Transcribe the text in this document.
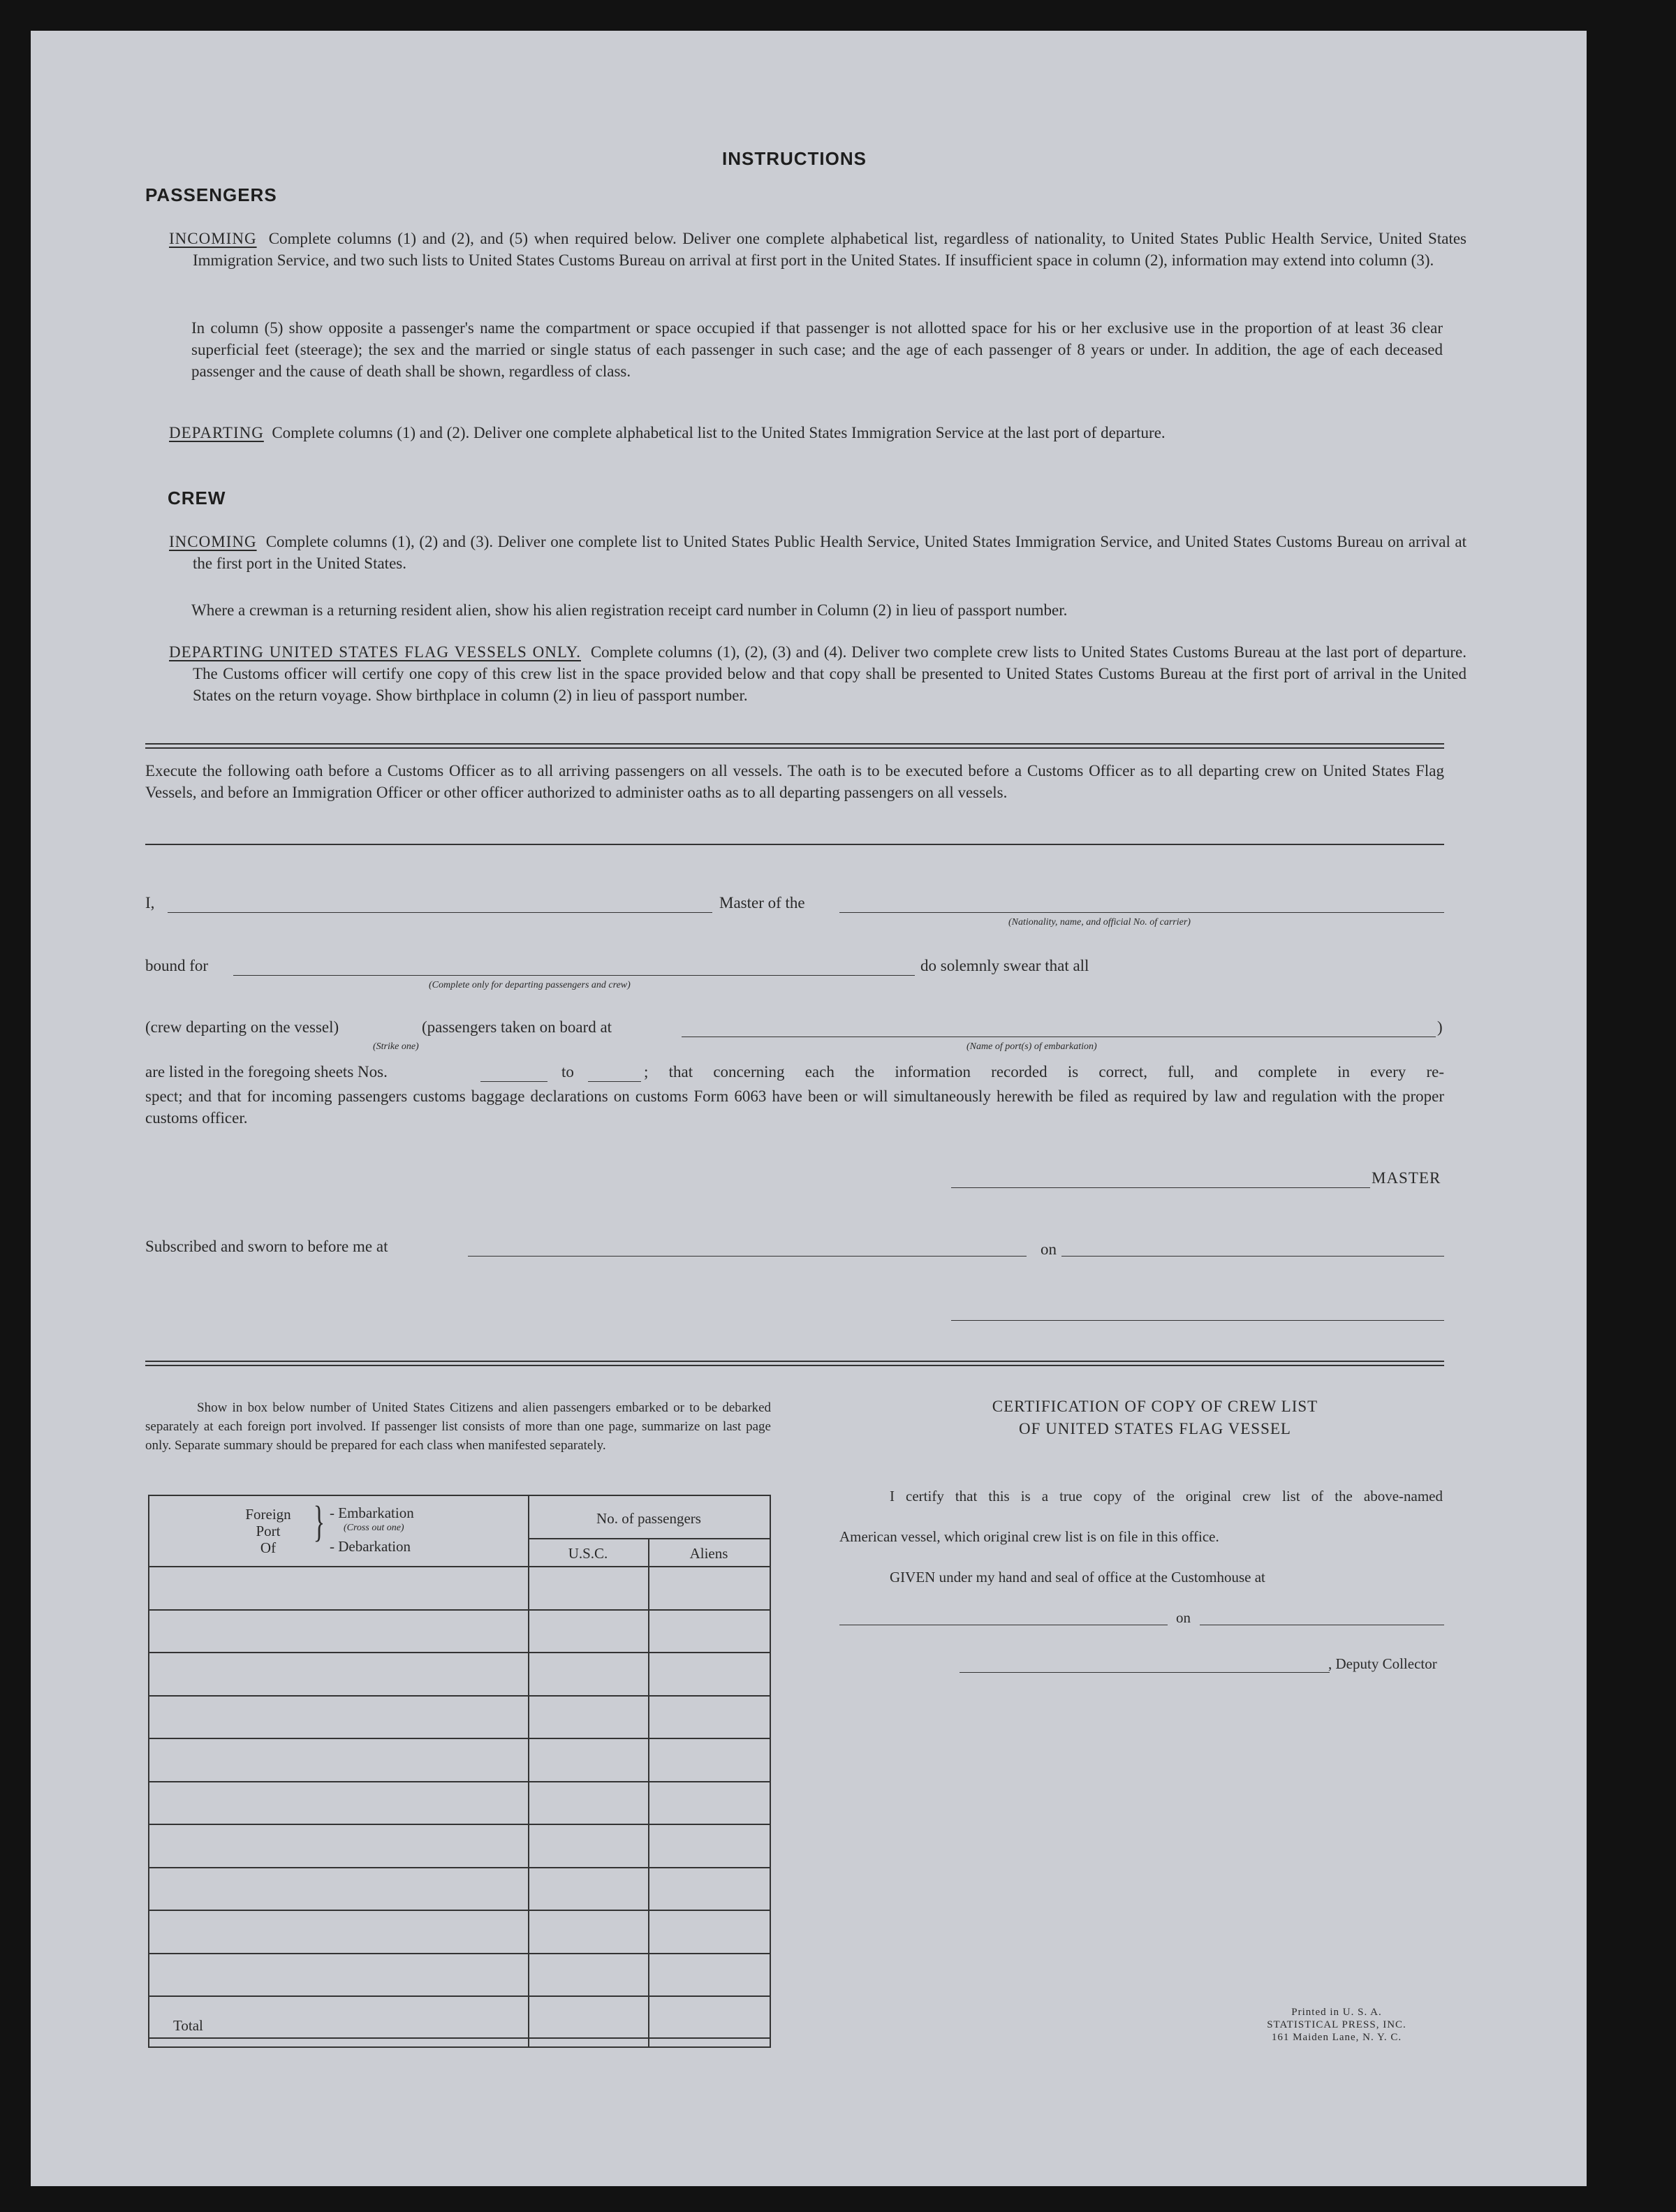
INSTRUCTIONS
PASSENGERS
INCOMING Complete columns (1) and (2), and (5) when required below. Deliver one complete alphabetical list, regardless of nationality, to United States Public Health Service, United States Immigration Service, and two such lists to United States Customs Bureau on arrival at first port in the United States. If insufficient space in column (2), information may extend into column (3).
In column (5) show opposite a passenger's name the compartment or space occupied if that passenger is not allotted space for his or her exclusive use in the proportion of at least 36 clear superficial feet (steerage); the sex and the married or single status of each passenger in such case; and the age of each passenger of 8 years or under. In addition, the age of each deceased passenger and the cause of death shall be shown, regardless of class.
DEPARTING Complete columns (1) and (2). Deliver one complete alphabetical list to the United States Immigration Service at the last port of departure.
CREW
INCOMING Complete columns (1), (2) and (3). Deliver one complete list to United States Public Health Service, United States Immigration Service, and United States Customs Bureau on arrival at the first port in the United States.
Where a crewman is a returning resident alien, show his alien registration receipt card number in Column (2) in lieu of passport number.
DEPARTING UNITED STATES FLAG VESSELS ONLY. Complete columns (1), (2), (3) and (4). Deliver two complete crew lists to United States Customs Bureau at the last port of departure. The Customs officer will certify one copy of this crew list in the space provided below and that copy shall be presented to United States Customs Bureau at the first port of arrival in the United States on the return voyage. Show birthplace in column (2) in lieu of passport number.
Execute the following oath before a Customs Officer as to all arriving passengers on all vessels. The oath is to be executed before a Customs Officer as to all departing crew on United States Flag Vessels, and before an Immigration Officer or other officer authorized to administer oaths as to all departing passengers on all vessels.
I,	Master of the
(Nationality, name, and official No. of carrier)
bound for
(Complete only for departing passengers and crew)
do solemnly swear that all
(crew departing on the vessel)
(Strike one)
(passengers taken on board at	)
(Name of port(s) of embarkation)
are listed in the foregoing sheets Nos.	to	; that concerning each the information recorded is correct, full, and complete in every re-
spect; and that for incoming passengers customs baggage declarations on customs Form 6063 have been or will simultaneously herewith be filed as required by law and regulation with the proper customs officer.
MASTER
Subscribed and sworn to before me at	on
Show in box below number of United States Citizens and alien passengers embarked or to be debarked separately at each foreign port involved. If passenger list consists of more than one page, summarize on last page only. Separate summary should be prepared for each class when manifested separately.
Foreign
Port
Of
} - Embarkation
(Cross out one)
- Debarkation
No. of passengers
U.S.C.	Aliens
Total
CERTIFICATION OF COPY OF CREW LIST
OF UNITED STATES FLAG VESSEL
I certify that this is a true copy of the original crew list of the above-named
American vessel, which original crew list is on file in this office.
GIVEN under my hand and seal of office at the Customhouse at
on
, Deputy Collector
Printed in U. S. A.
STATISTICAL PRESS, INC.
161 Maiden Lane, N. Y. C.
